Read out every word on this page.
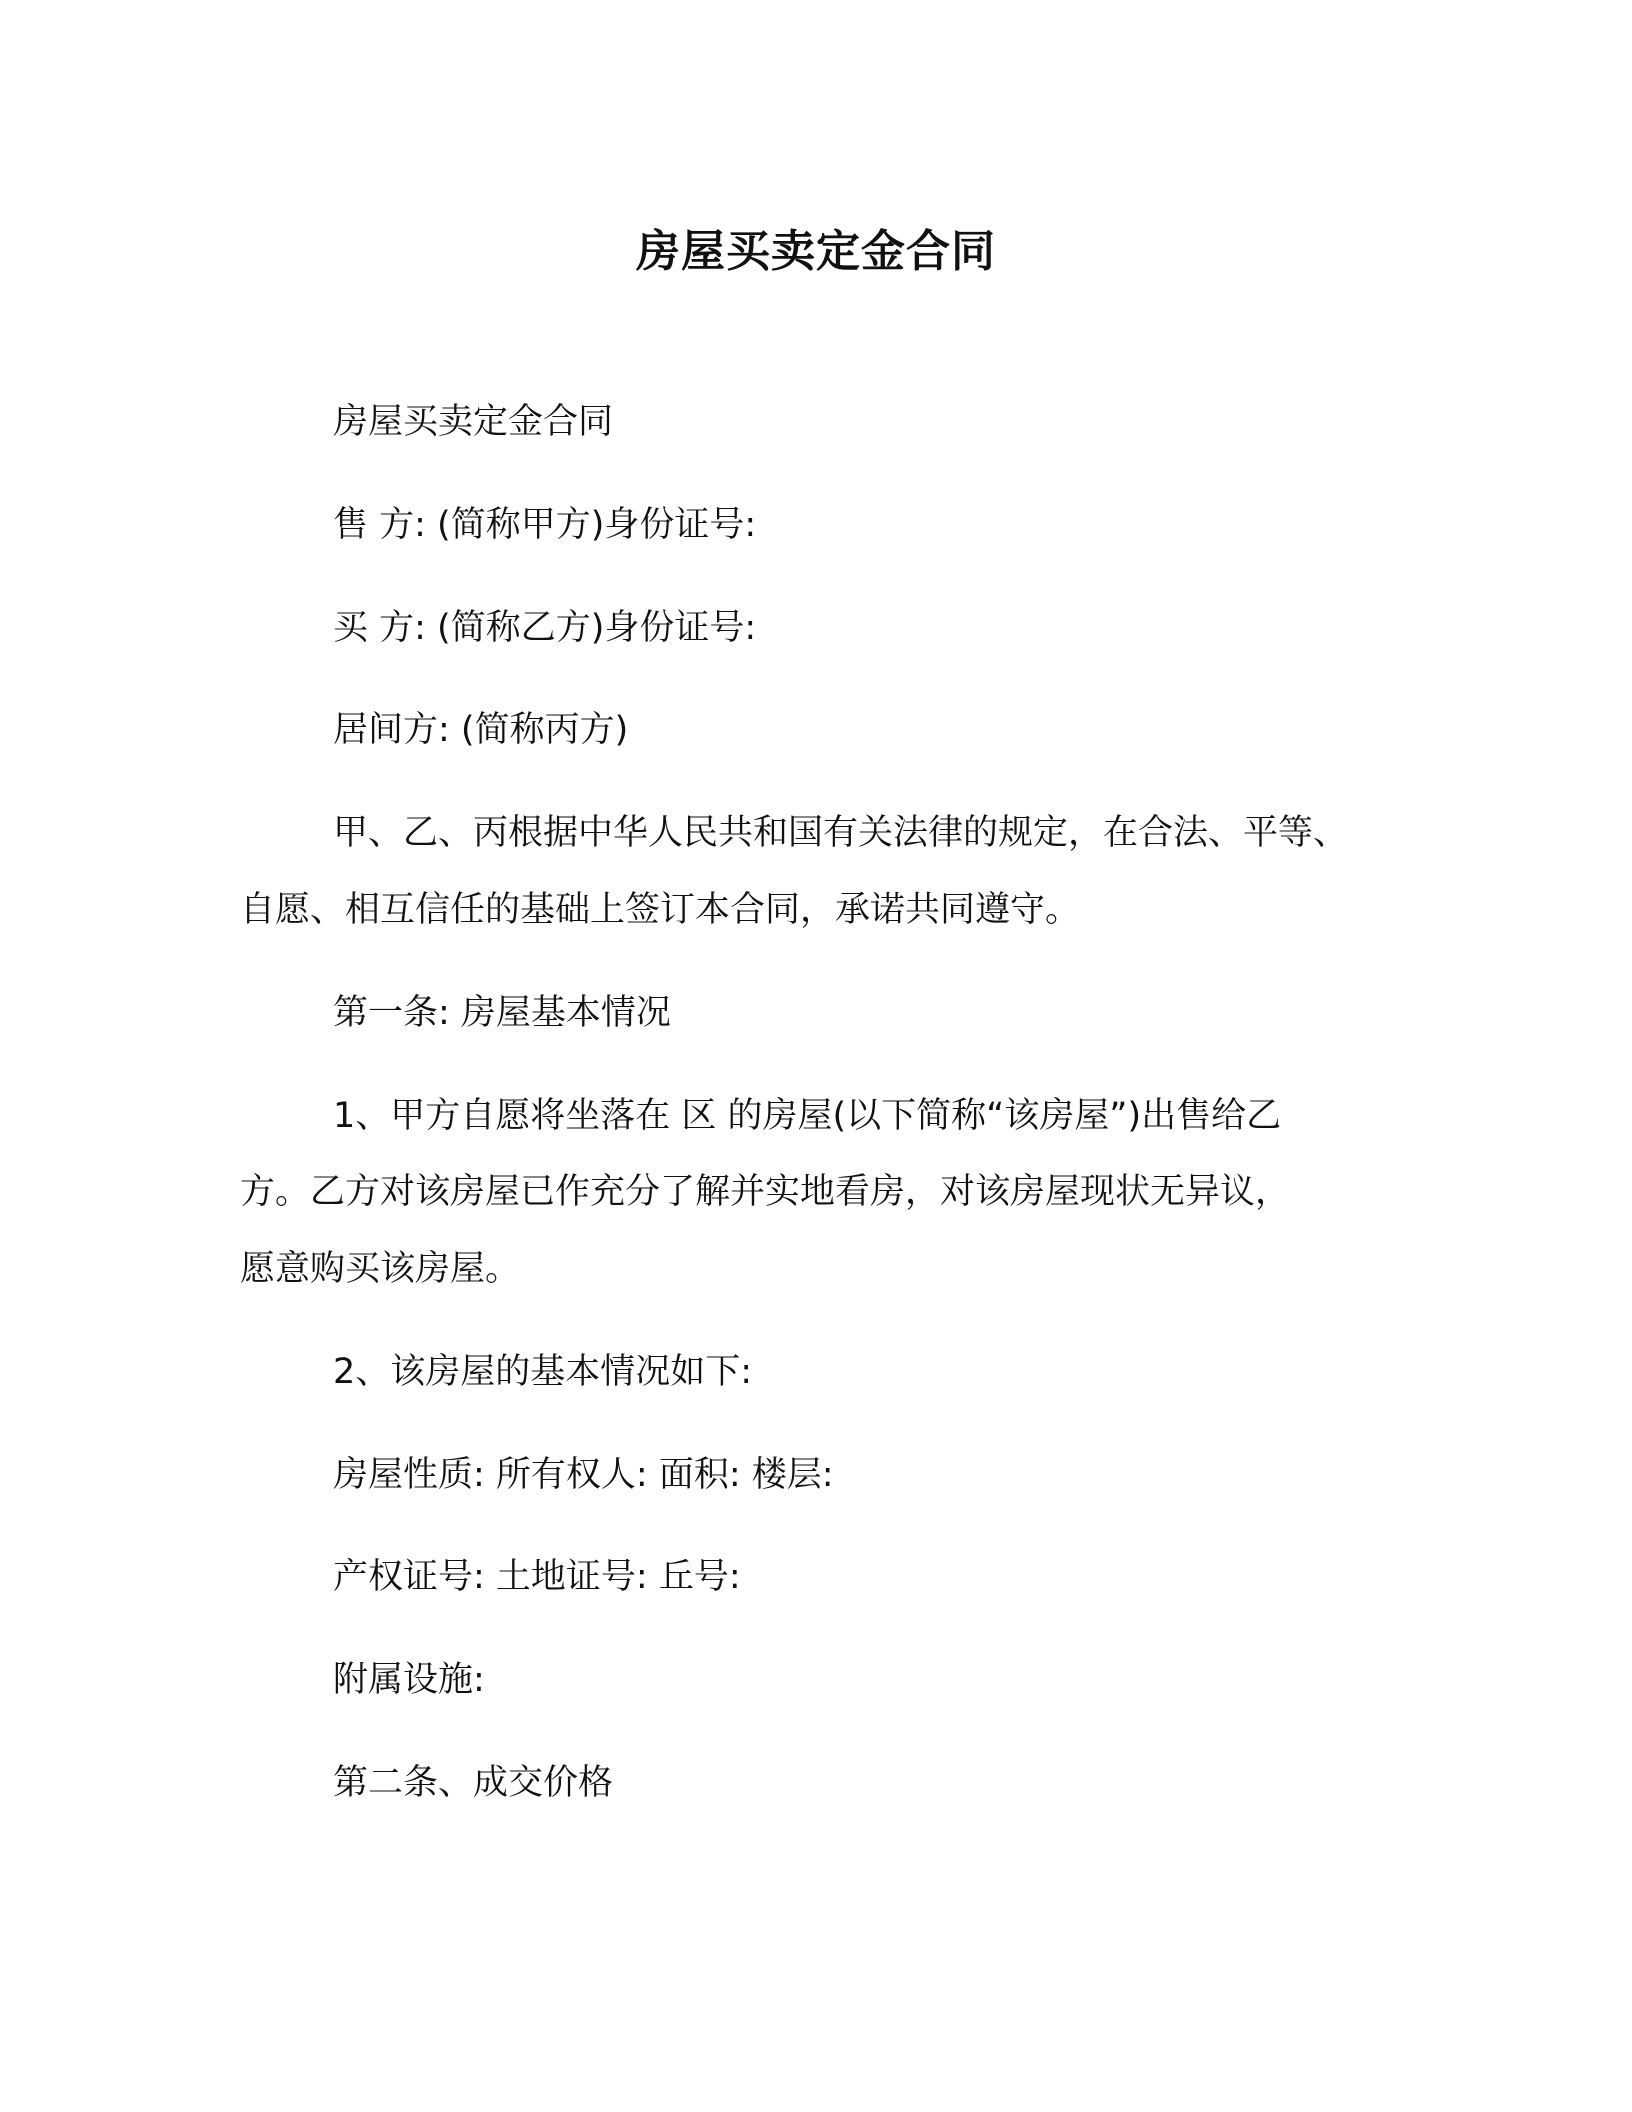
房屋买卖定金合同
房屋买卖定金合同
售 方: (简称甲方)身份证号:
买 方: (简称乙方)身份证号:
居间方: (简称丙方)
甲、乙、丙根据中华人民共和国有关法律的规定，在合法、平等、
自愿、相互信任的基础上签订本合同，承诺共同遵守。
第一条: 房屋基本情况
1、甲方自愿将坐落在 区 的房屋(以下简称“该房屋”)出售给乙
方。乙方对该房屋已作充分了解并实地看房，对该房屋现状无异议，
愿意购买该房屋。
2、该房屋的基本情况如下:
房屋性质: 所有权人: 面积: 楼层:
产权证号: 土地证号: 丘号:
附属设施:
第二条、成交价格
